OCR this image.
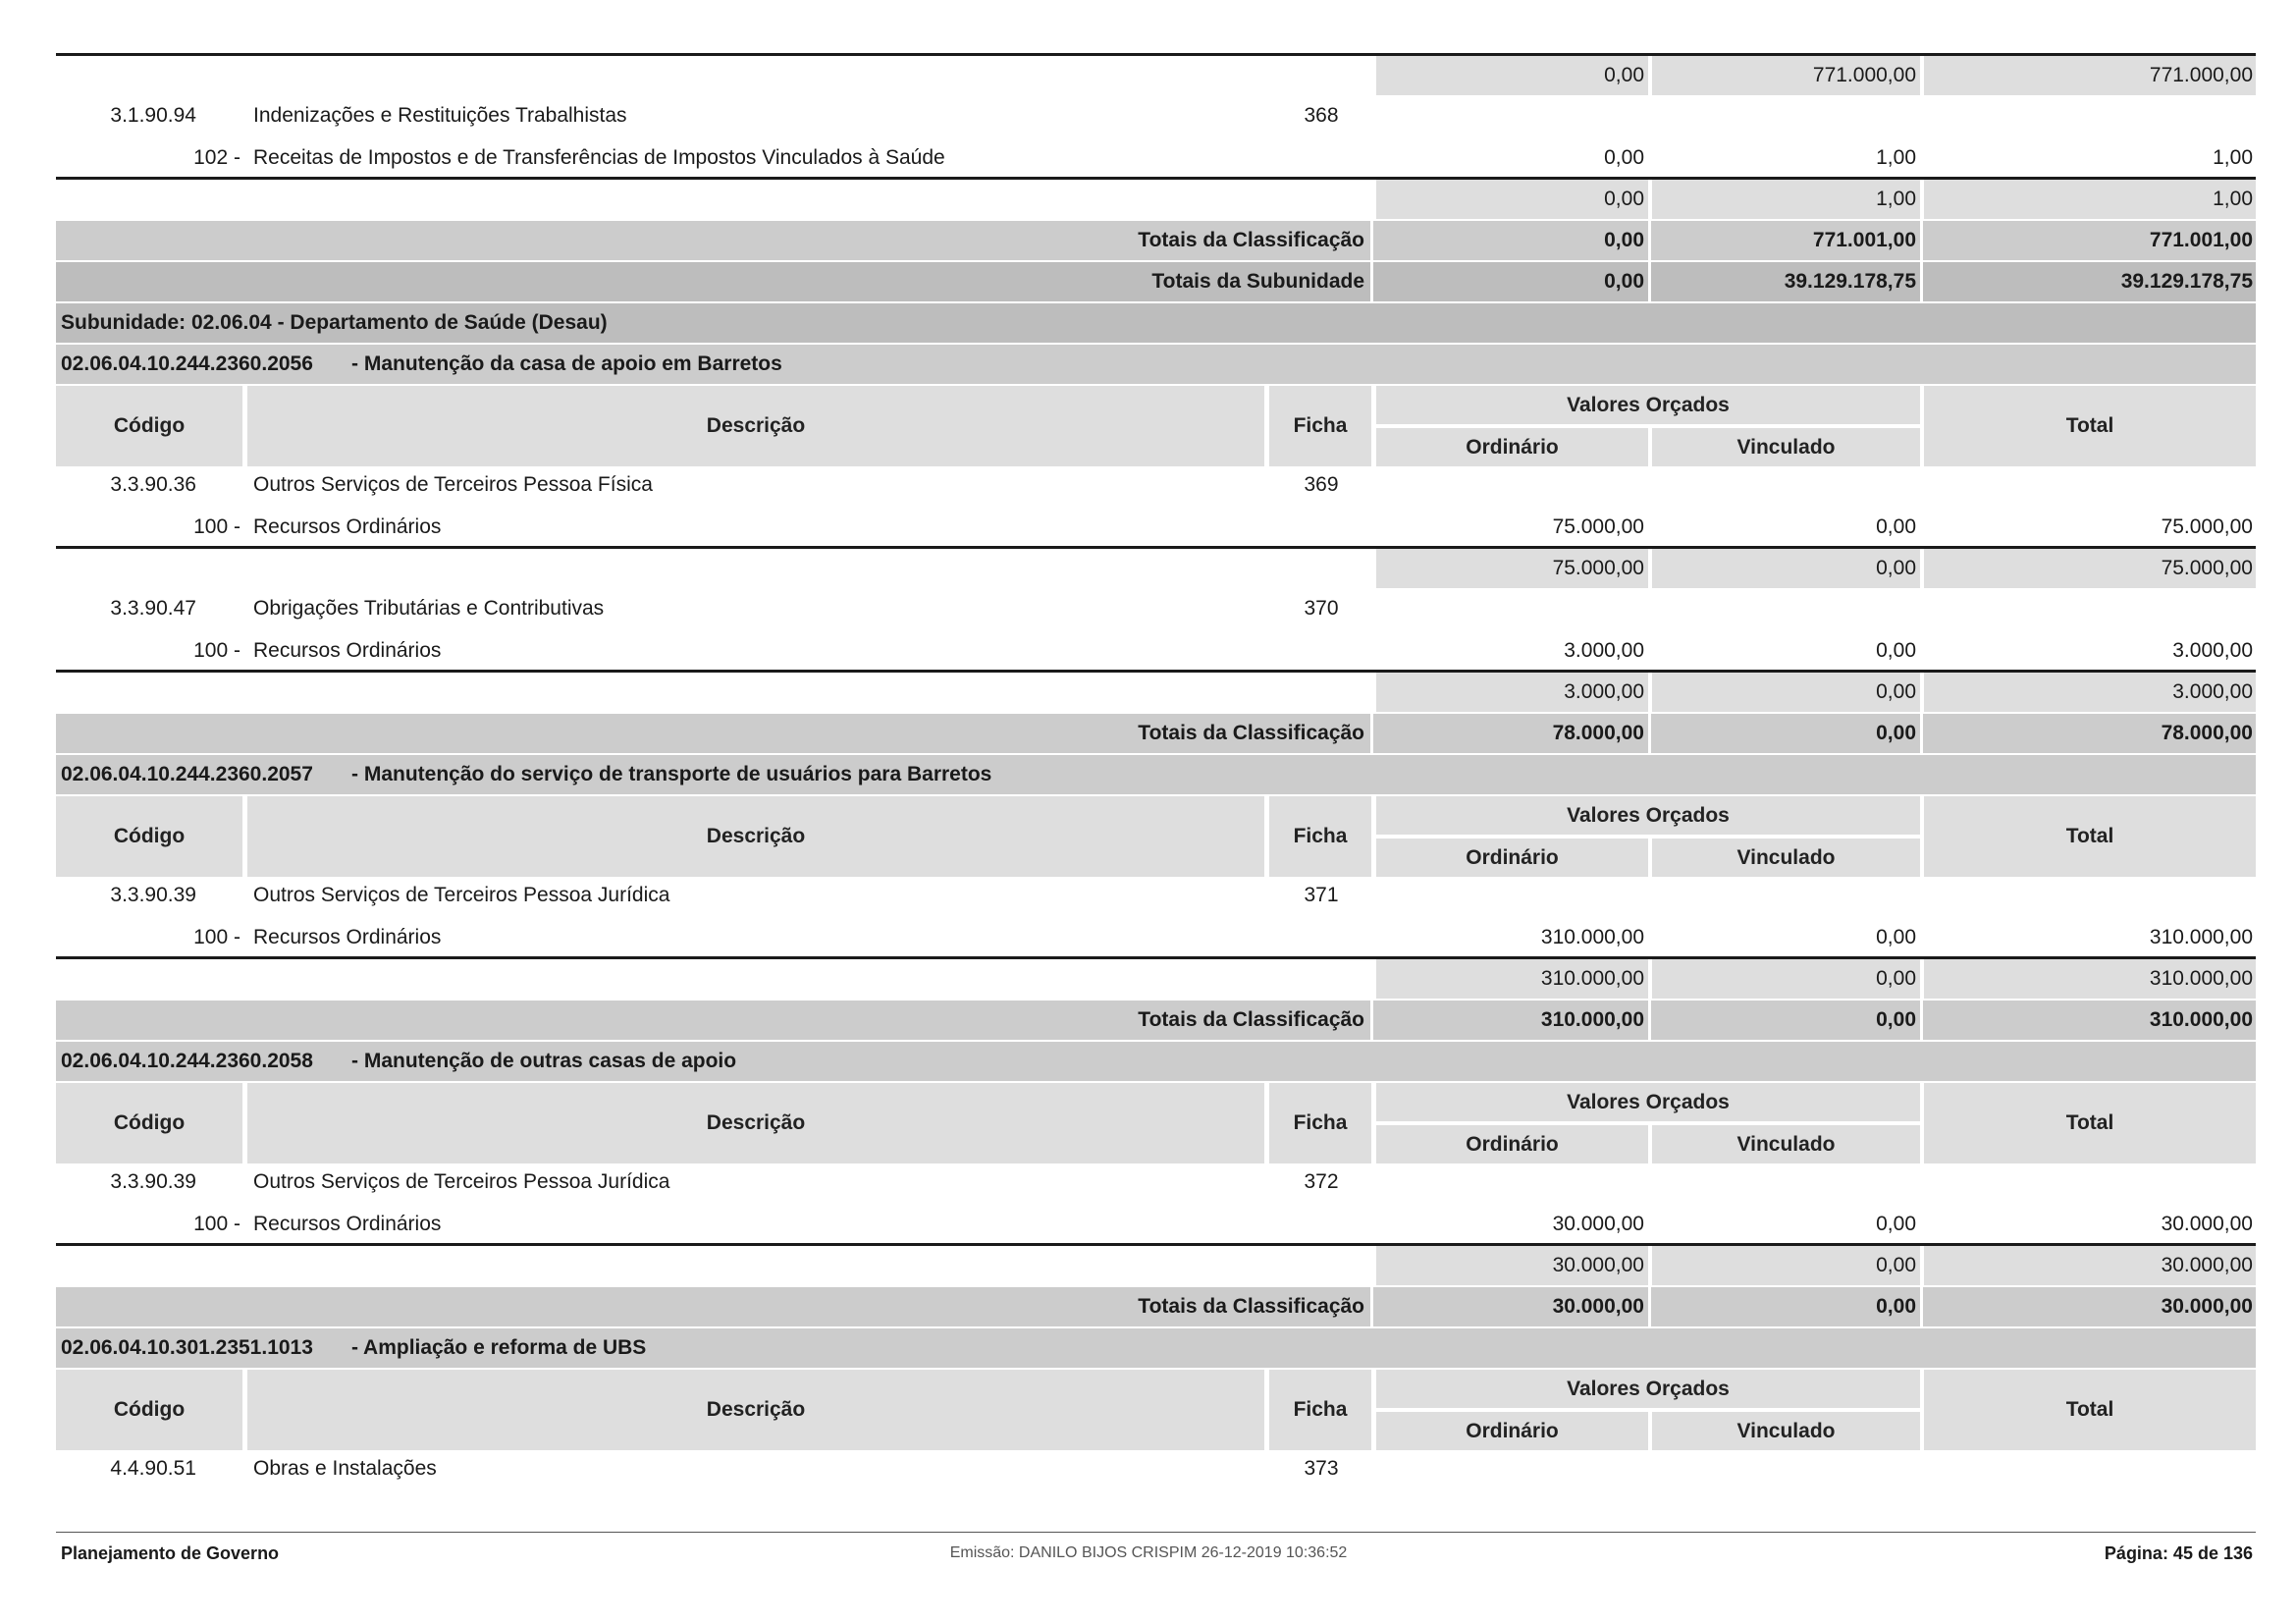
0,00	771.000,00	771.000,00
3.1.90.94	Indenizações e Restituições Trabalhistas	368
102 - Receitas de Impostos e de Transferências de Impostos Vinculados à Saúde	0,00	1,00	1,00
0,00	1,00	1,00
Totais da Classificação	0,00	771.001,00	771.001,00
Totais da Subunidade	0,00	39.129.178,75	39.129.178,75
Subunidade: 02.06.04 - Departamento de Saúde (Desau)
02.06.04.10.244.2360.2056 - Manutenção da casa de apoio em Barretos
Código	Descrição	Ficha
Valores Orçados
Ordinário	Vinculado
Total
3.3.90.36	Outros Serviços de Terceiros Pessoa Física	369
100 - Recursos Ordinários	75.000,00	0,00	75.000,00
75.000,00	0,00	75.000,00
3.3.90.47	Obrigações Tributárias e Contributivas	370
100 - Recursos Ordinários	3.000,00	0,00	3.000,00
3.000,00	0,00	3.000,00
Totais da Classificação	78.000,00	0,00	78.000,00
02.06.04.10.244.2360.2057 - Manutenção do serviço de transporte de usuários para Barretos
Código	Descrição	Ficha
Valores Orçados
Ordinário	Vinculado
Total
3.3.90.39	Outros Serviços de Terceiros Pessoa Jurídica	371
100 - Recursos Ordinários	310.000,00	0,00	310.000,00
310.000,00	0,00	310.000,00
Totais da Classificação	310.000,00	0,00	310.000,00
02.06.04.10.244.2360.2058 - Manutenção de outras casas de apoio
Código	Descrição	Ficha
Valores Orçados
Ordinário	Vinculado
Total
3.3.90.39	Outros Serviços de Terceiros Pessoa Jurídica	372
100 - Recursos Ordinários	30.000,00	0,00	30.000,00
30.000,00	0,00	30.000,00
Totais da Classificação	30.000,00	0,00	30.000,00
02.06.04.10.301.2351.1013 - Ampliação e reforma de UBS
Código	Descrição	Ficha
Valores Orçados
Ordinário	Vinculado
Total
4.4.90.51	Obras e Instalações	373
Planejamento de Governo	Emissão: DANILO BIJOS CRISPIM 26-12-2019 10:36:52	Página: 45 de 136
